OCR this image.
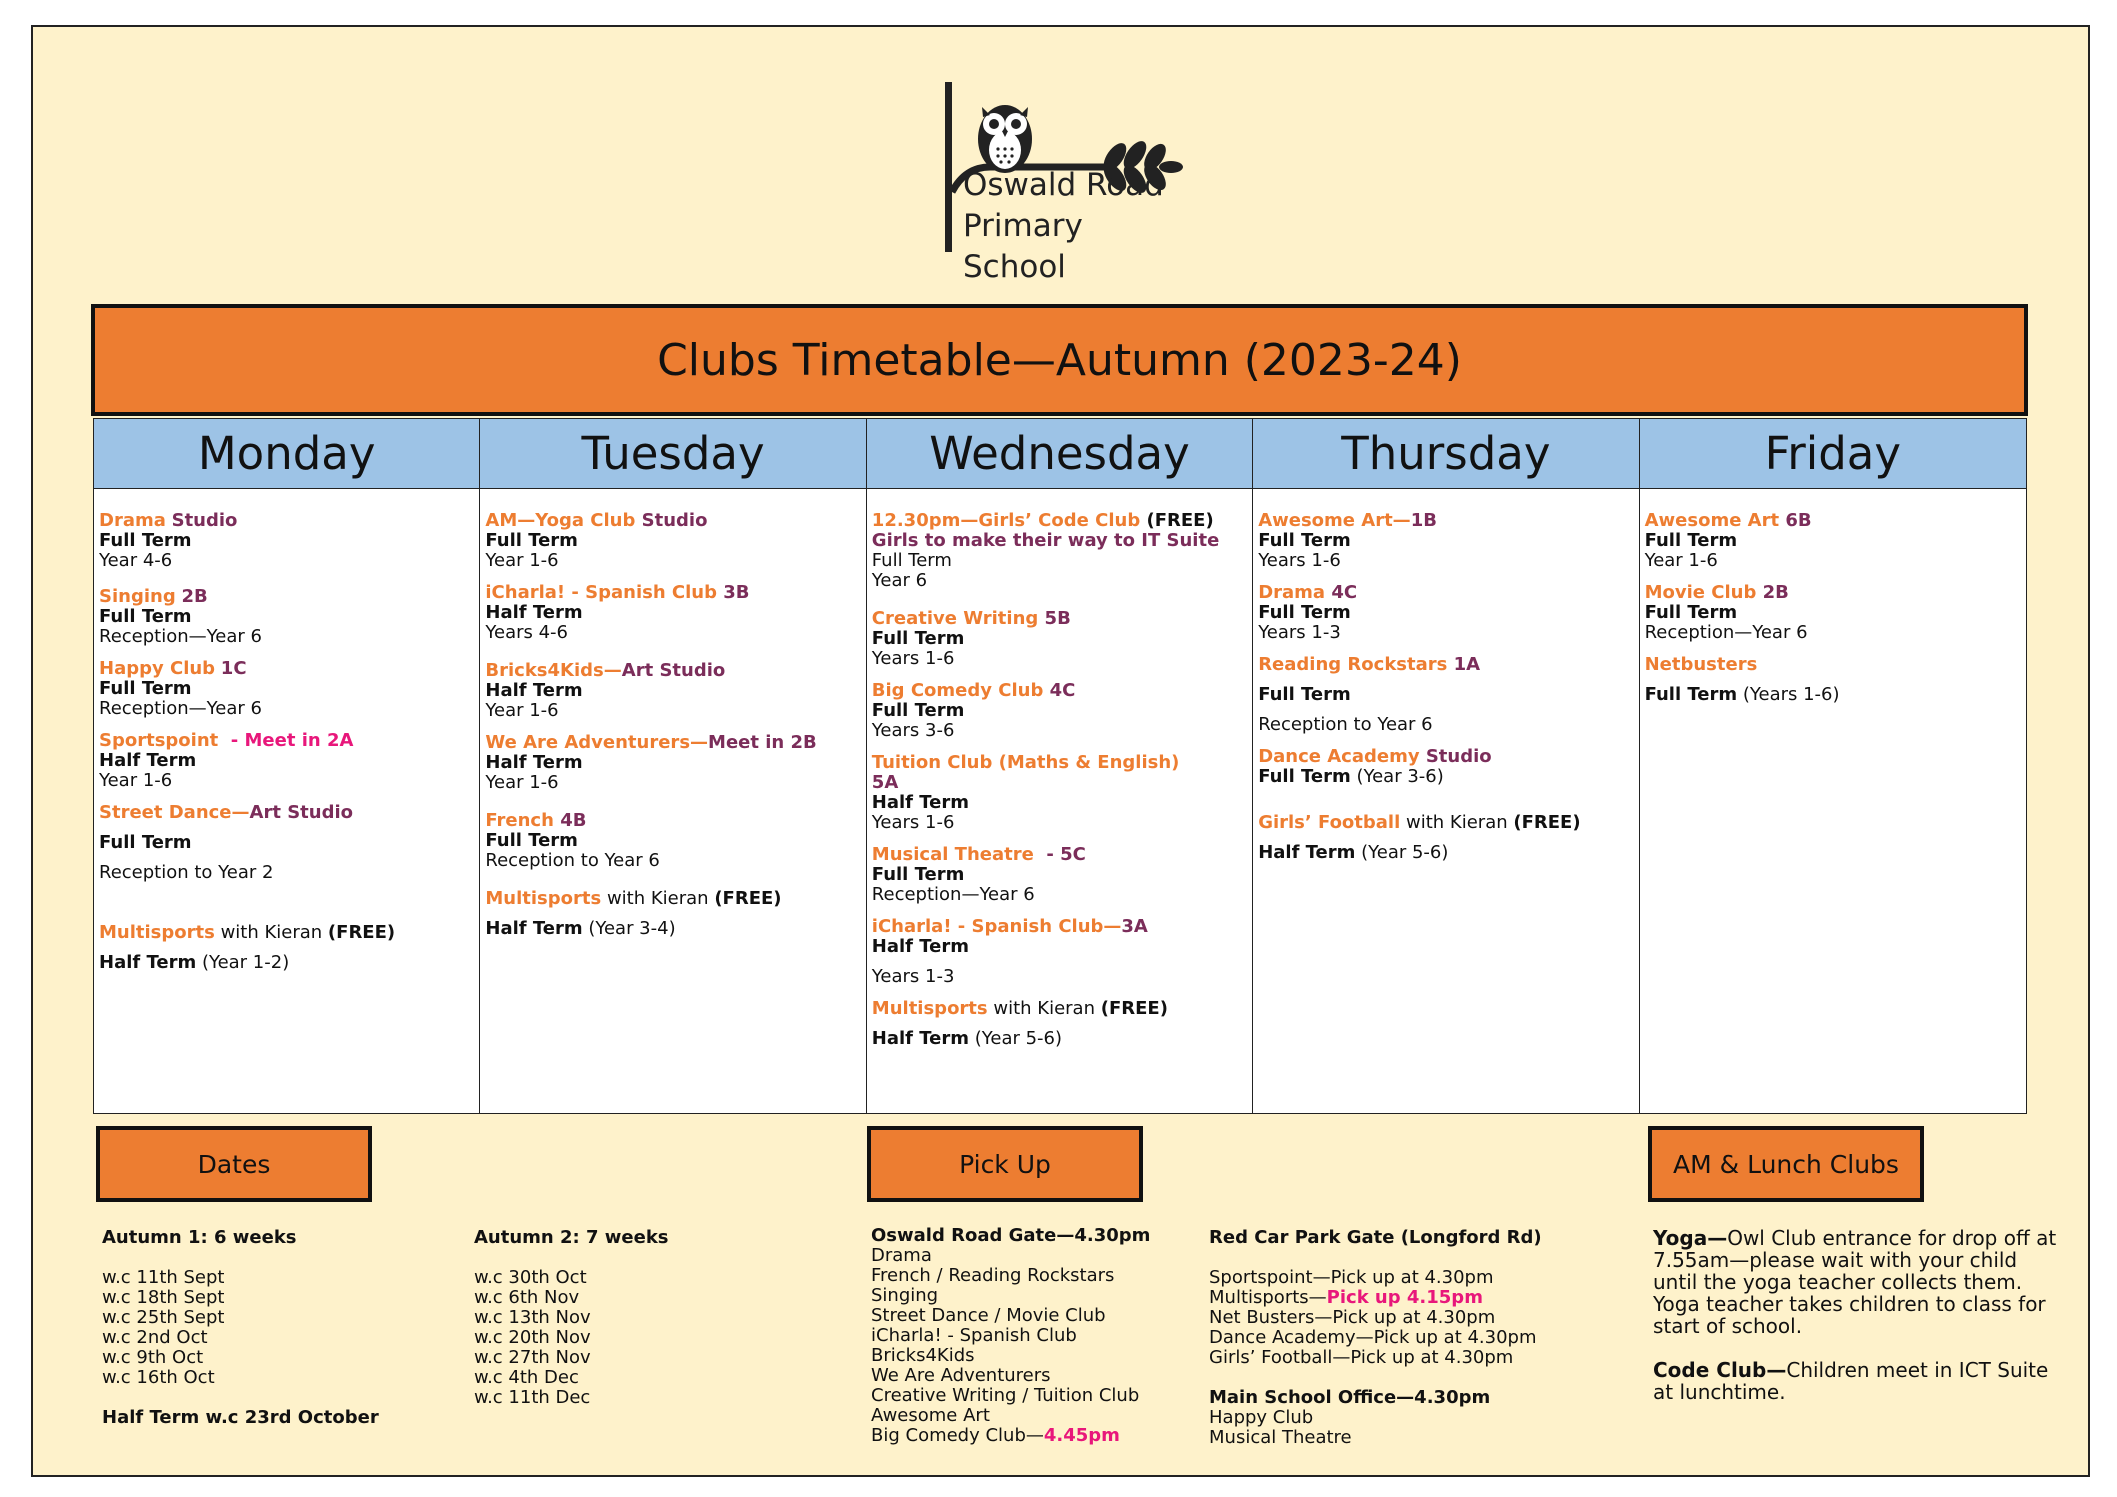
Oswald Road
Primary School
Clubs Timetable—Autumn (2023-24)
Monday
Drama Studio
Full Term
Year 4-6
Singing 2B
Full Term
Reception—Year 6
Happy Club 1C
Full Term
Reception—Year 6
Sportspoint  - Meet in 2A
Half Term
Year 1-6
Street Dance—Art Studio
Full Term
Reception to Year 2
Multisports with Kieran (FREE)
Half Term (Year 1-2)
Tuesday
AM—Yoga Club Studio
Full Term
Year 1-6
iCharla! - Spanish Club 3B
Half Term
Years 4-6
Bricks4Kids—Art Studio
Half Term
Year 1-6
We Are Adventurers—Meet in 2B
Half Term
Year 1-6
French 4B
Full Term
Reception to Year 6
Multisports with Kieran (FREE)
Half Term (Year 3-4)
Wednesday
12.30pm—Girls’ Code Club (FREE)
Girls to make their way to IT Suite
Full Term
Year 6
Creative Writing 5B
Full Term
Years 1-6
Big Comedy Club 4C
Full Term
Years 3-6
Tuition Club (Maths & English)
5A
Half Term
Years 1-6
Musical Theatre  - 5C
Full Term
Reception—Year 6
iCharla! - Spanish Club—3A
Half Term
Years 1-3
Multisports with Kieran (FREE)
Half Term (Year 5-6)
Thursday
Awesome Art—1B
Full Term
Years 1-6
Drama 4C
Full Term
Years 1-3
Reading Rockstars 1A
Full Term
Reception to Year 6
Dance Academy Studio
Full Term (Year 3-6)
Girls’ Football with Kieran (FREE)
Half Term (Year 5-6)
Friday
Awesome Art 6B
Full Term
Year 1-6
Movie Club 2B
Full Term
Reception—Year 6
Netbusters
Full Term (Years 1-6)
Dates	Pick Up	AM & Lunch Clubs

Autumn 1: 6 weeks

w.c 11th Sept

w.c 18th Sept

w.c 25th Sept

w.c 2nd Oct

w.c 9th Oct

w.c 16th Oct

Half Term w.c 23rd October

Autumn 2: 7 weeks

w.c 30th Oct

w.c 6th Nov

w.c 13th Nov

w.c 20th Nov

w.c 27th Nov

w.c 4th Dec

w.c 11th Dec

Oswald Road Gate—4.30pm

Drama

French / Reading Rockstars

Singing

Street Dance / Movie Club

iCharla! - Spanish Club

Bricks4Kids

We Are Adventurers

Creative Writing / Tuition Club

Awesome Art

Big Comedy Club—4.45pm

Red Car Park Gate (Longford Rd)

Sportspoint—Pick up at 4.30pm

Multisports—Pick up 4.15pm

Net Busters—Pick up at 4.30pm

Dance Academy—Pick up at 4.30pm

Girls’ Football—Pick up at 4.30pm

Main School Office—4.30pm

Happy Club

Musical Theatre

Yoga—Owl Club entrance for drop off at 7.55am—please wait with your child until the yoga teacher collects them.

Yoga teacher takes children to class for start of school.

Code Club—Children meet in ICT Suite at lunchtime.
